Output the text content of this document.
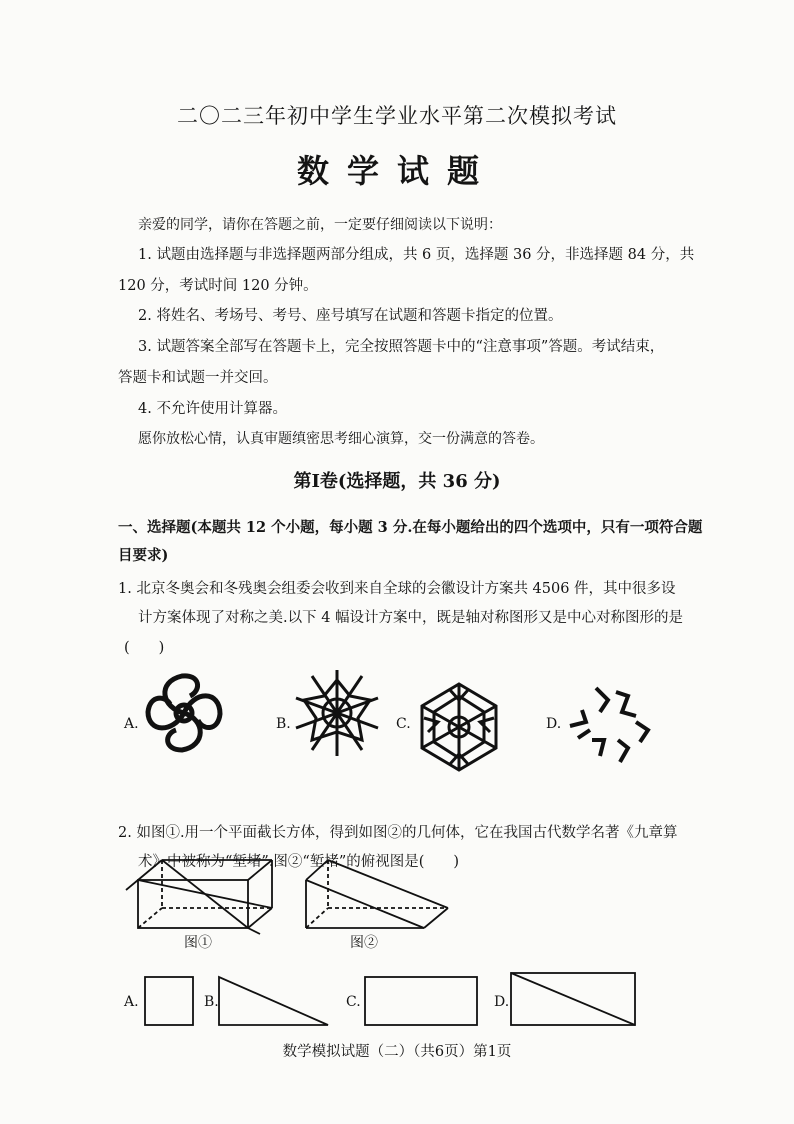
二〇二三年初中学生学业水平第二次模拟考试
数学试题
亲爱的同学，请你在答题之前，一定要仔细阅读以下说明：
1. 试题由选择题与非选择题两部分组成，共 6 页，选择题 36 分，非选择题 84 分，共
120 分，考试时间 120 分钟。
2. 将姓名、考场号、考号、座号填写在试题和答题卡指定的位置。
3. 试题答案全部写在答题卡上，完全按照答题卡中的“注意事项”答题。考试结束，
答题卡和试题一并交回。
4. 不允许使用计算器。
愿你放松心情，认真审题缜密思考细心演算，交一份满意的答卷。
第Ⅰ卷(选择题，共 36 分)
一、选择题(本题共 12 个小题，每小题 3 分.在每小题给出的四个选项中，只有一项符合题
目要求)
1. 北京冬奥会和冬残奥会组委会收到来自全球的会徽设计方案共 4506 件，其中很多设
计方案体现了对称之美.以下 4 幅设计方案中，既是轴对称图形又是中心对称图形的是
(　　)
A.	B.	C.	D.
2. 如图①.用一个平面截长方体，得到如图②的几何体，它在我国古代数学名著《九章算
术》中被称为“堑堵”.图②“堑堵”的俯视图是(　　)
图①	图②
A.	B.	C.	D.
数学模拟试题（二）（共6页）第1页
